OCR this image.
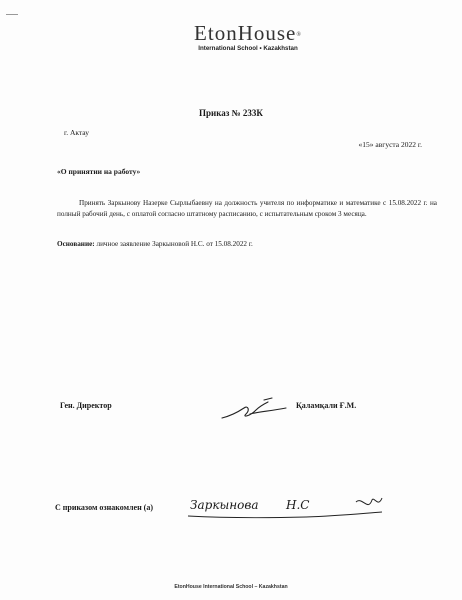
EtonHouse®
International School • Kazakhstan
Приказ № 233К
г. Актау
«15» августа 2022 г.
«О принятии на работу»
Принять Заркынову Назерке Сырлыбаевну на должность учителя по информатике и математике с 15.08.2022 г. на полный рабочий день, с оплатой согласно штатному расписанию, с испытательным сроком 3 месяца.
Основание: личное заявление Заркыновой Н.С. от 15.08.2022 г.
Ген. Директор	Қаламқали Ғ.М.
С приказом ознакомлен (а)	Заркынова Н.С
EtonHouse International School – Kazakhstan
